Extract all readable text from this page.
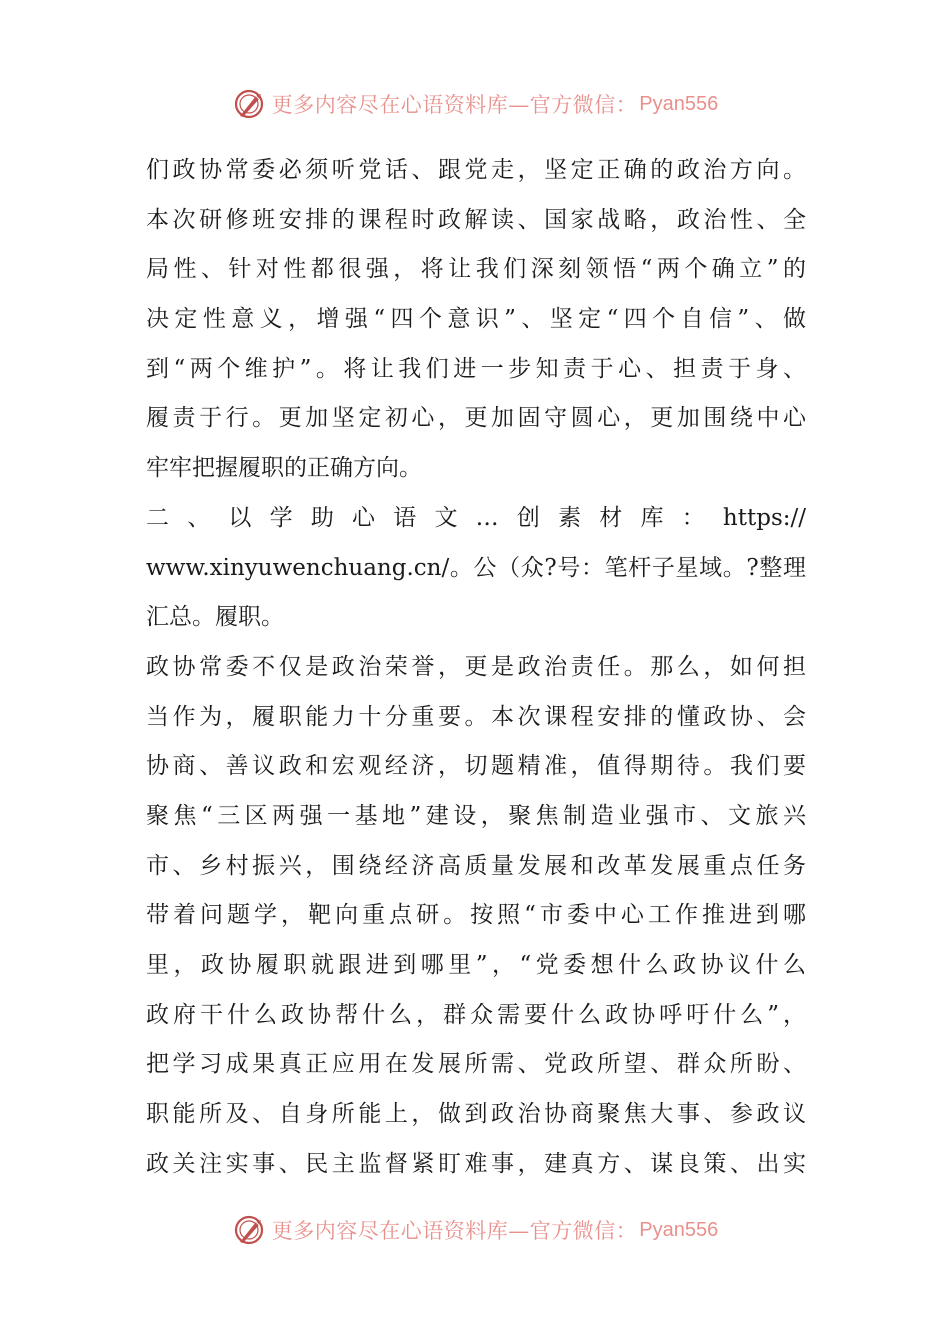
更多内容尽在心语资料库—官方微信： Pyan556
们政协常委必须听党话、跟党走，坚定正确的政治方向。
本次研修班安排的课程时政解读、国家战略，政治性、全
局性、针对性都很强，将让我们深刻领悟“两个确立”的
决定性意义，增强“四个意识”、坚定“四个自信”、做
到“两个维护”。将让我们进一步知责于心、担责于身、
履责于行。更加坚定初心，更加固守圆心，更加围绕中心
牢牢把握履职的正确方向。
二、以学助心语文…创素材库：https://
www.xinyuwenchuang.cn/。公（众?号：笔杆子星域。?整理
汇总。履职。
政协常委不仅是政治荣誉，更是政治责任。那么，如何担
当作为，履职能力十分重要。本次课程安排的懂政协、会
协商、善议政和宏观经济，切题精准，值得期待。我们要
聚焦“三区两强一基地”建设，聚焦制造业强市、文旅兴
市、乡村振兴，围绕经济高质量发展和改革发展重点任务
带着问题学，靶向重点研。按照“市委中心工作推进到哪
里，政协履职就跟进到哪里”，“党委想什么政协议什么
政府干什么政协帮什么，群众需要什么政协呼吁什么”，
把学习成果真正应用在发展所需、党政所望、群众所盼、
职能所及、自身所能上，做到政治协商聚焦大事、参政议
政关注实事、民主监督紧盯难事，建真方、谋良策、出实
更多内容尽在心语资料库—官方微信： Pyan556
